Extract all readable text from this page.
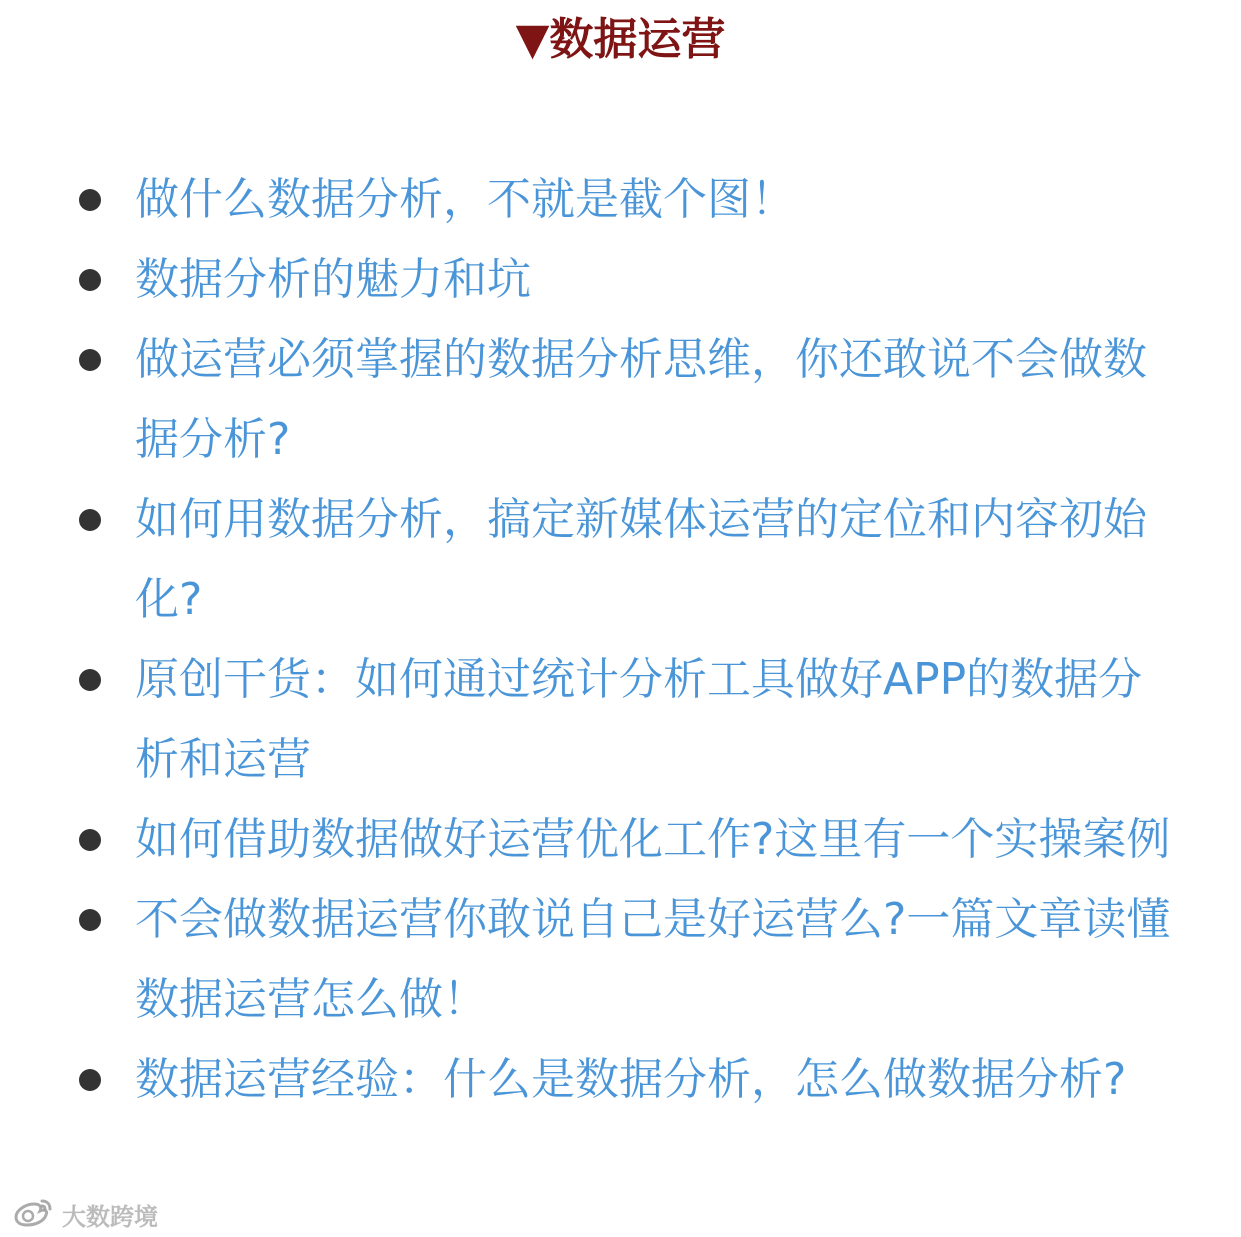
▼数据运营
做什么数据分析，不就是截个图！
数据分析的魅力和坑
做运营必须掌握的数据分析思维，你还敢说不会做数据分析?
如何用数据分析，搞定新媒体运营的定位和内容初始化?
原创干货：如何通过统计分析工具做好APP的数据分析和运营
如何借助数据做好运营优化工作?这里有一个实操案例
不会做数据运营你敢说自己是好运营么?一篇文章读懂数据运营怎么做！
数据运营经验：什么是数据分析，怎么做数据分析?
大数跨境
